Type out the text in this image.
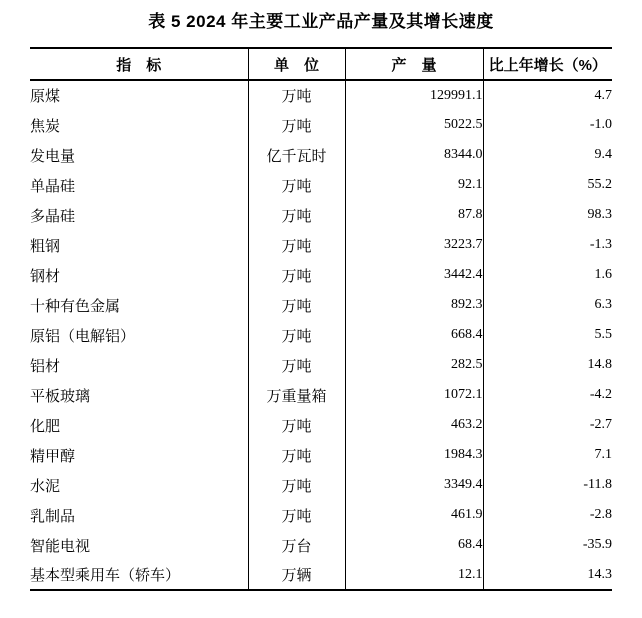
表 5 2024 年主要工业产品产量及其增长速度
指　标	单　位	产　量	比上年增长（%）
原煤	万吨	129991.1	4.7
焦炭	万吨	5022.5	-1.0
发电量	亿千瓦时	8344.0	9.4
单晶硅	万吨	92.1	55.2
多晶硅	万吨	87.8	98.3
粗钢	万吨	3223.7	-1.3
钢材	万吨	3442.4	1.6
十种有色金属	万吨	892.3	6.3
原铝（电解铝）	万吨	668.4	5.5
铝材	万吨	282.5	14.8
平板玻璃	万重量箱	1072.1	-4.2
化肥	万吨	463.2	-2.7
精甲醇	万吨	1984.3	7.1
水泥	万吨	3349.4	-11.8
乳制品	万吨	461.9	-2.8
智能电视	万台	68.4	-35.9
基本型乘用车（轿车）	万辆	12.1	14.3
